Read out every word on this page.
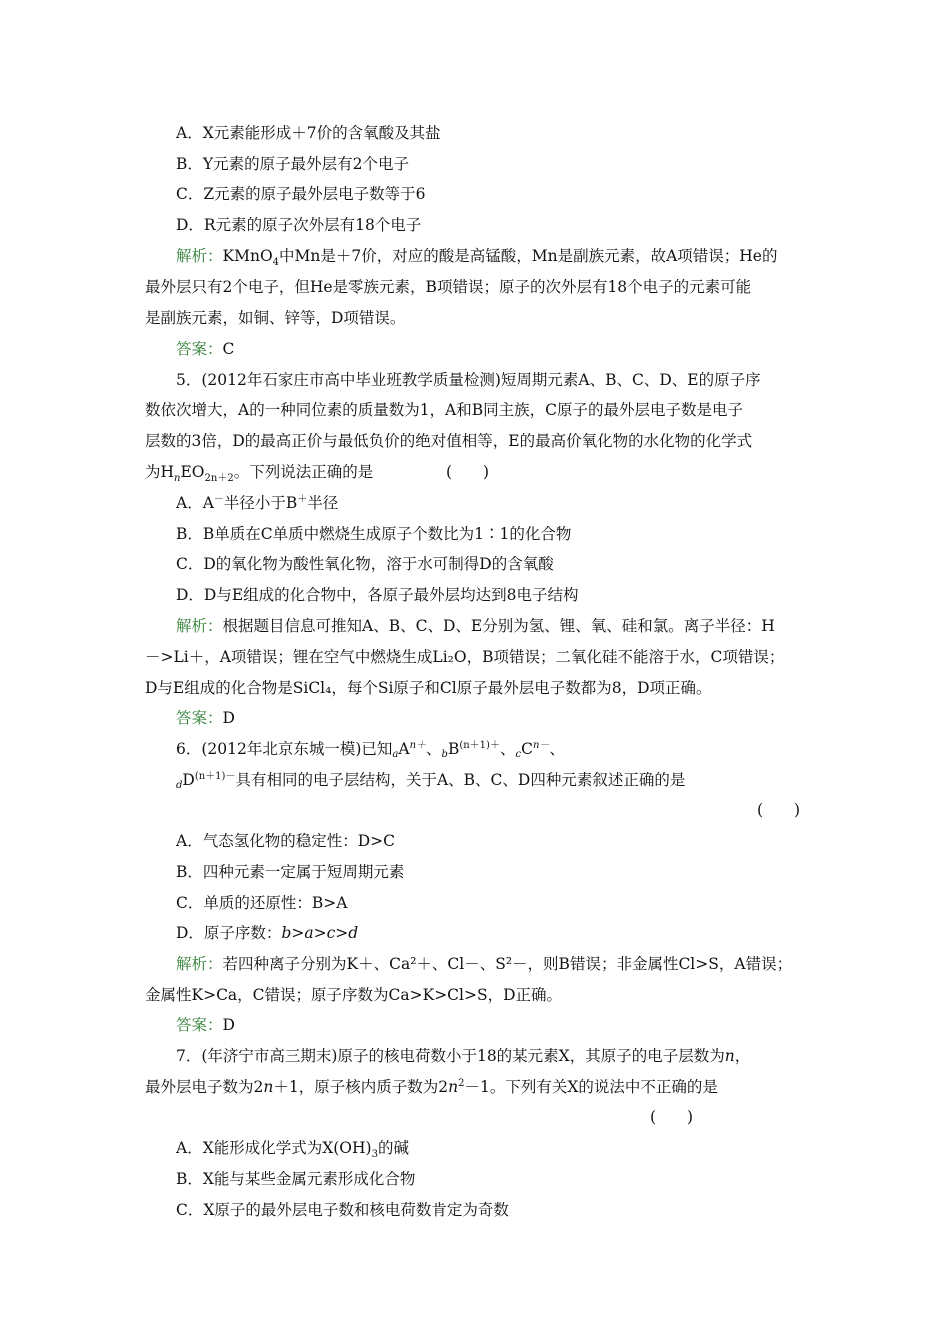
A．X元素能形成＋7价的含氧酸及其盐
B．Y元素的原子最外层有2个电子
C．Z元素的原子最外层电子数等于6
D．R元素的原子次外层有18个电子
解析：KMnO$_4$中Mn是＋7价，对应的酸是高锰酸，Mn是副族元素，故A项错误；He的
最外层只有2个电子，但He是零族元素，B项错误；原子的次外层有18个电子的元素可能
是副族元素，如铜、锌等，D项错误。
答案：C
5．(2012年石家庄市高中毕业班教学质量检测)短周期元素A、B、C、D、E的原子序
数依次增大，A的一种同位素的质量数为1，A和B同主族，C原子的最外层电子数是电子
层数的3倍，D的最高正价与最低负价的绝对值相等，E的最高价氧化物的水化物的化学式
为$H_nEO_{2n+2}$。下列说法正确的是	(　　)
A．A－半径小于B＋半径
B．B单质在C单质中燃烧生成原子个数比为1∶1的化合物
C．D的氧化物为酸性氧化物，溶于水可制得D的含氧酸
D．D与E组成的化合物中，各原子最外层均达到8电子结构
解析：根据题目信息可推知A、B、C、D、E分别为氢、锂、氧、硅和氯。离子半径：H
－>Li＋，A项错误；锂在空气中燃烧生成Li₂O，B项错误；二氧化硅不能溶于水，C项错误；
D与E组成的化合物是SiCl₄，每个Si原子和Cl原子最外层电子数都为8，D项正确。
答案：D
6．(2012年北京东城一模)已知$aA^{n+}$、$bB^{(n+1)+}$、$cC^{n-}$、
$dD^{(n+1)-}$具有相同的电子层结构，关于A、B、C、D四种元素叙述正确的是
(　　)
A．气态氢化物的稳定性：D>C
B．四种元素一定属于短周期元素
C．单质的还原性：B>A
D．原子序数：b>a>c>d
解析：若四种离子分别为K＋、Ca²＋、Cl－、S²－，则B错误；非金属性Cl>S，A错误；
金属性K>Ca，C错误；原子序数为Ca>K>Cl>S，D正确。
答案：D
7．(年济宁市高三期末)原子的核电荷数小于18的某元素X，其原子的电子层数为n，
最外层电子数为2n＋1，原子核内质子数为$2n^2-1$。下列有关X的说法中不正确的是
(　　)
A．X能形成化学式为$X(OH)_3$的碱
B．X能与某些金属元素形成化合物
C．X原子的最外层电子数和核电荷数肯定为奇数
